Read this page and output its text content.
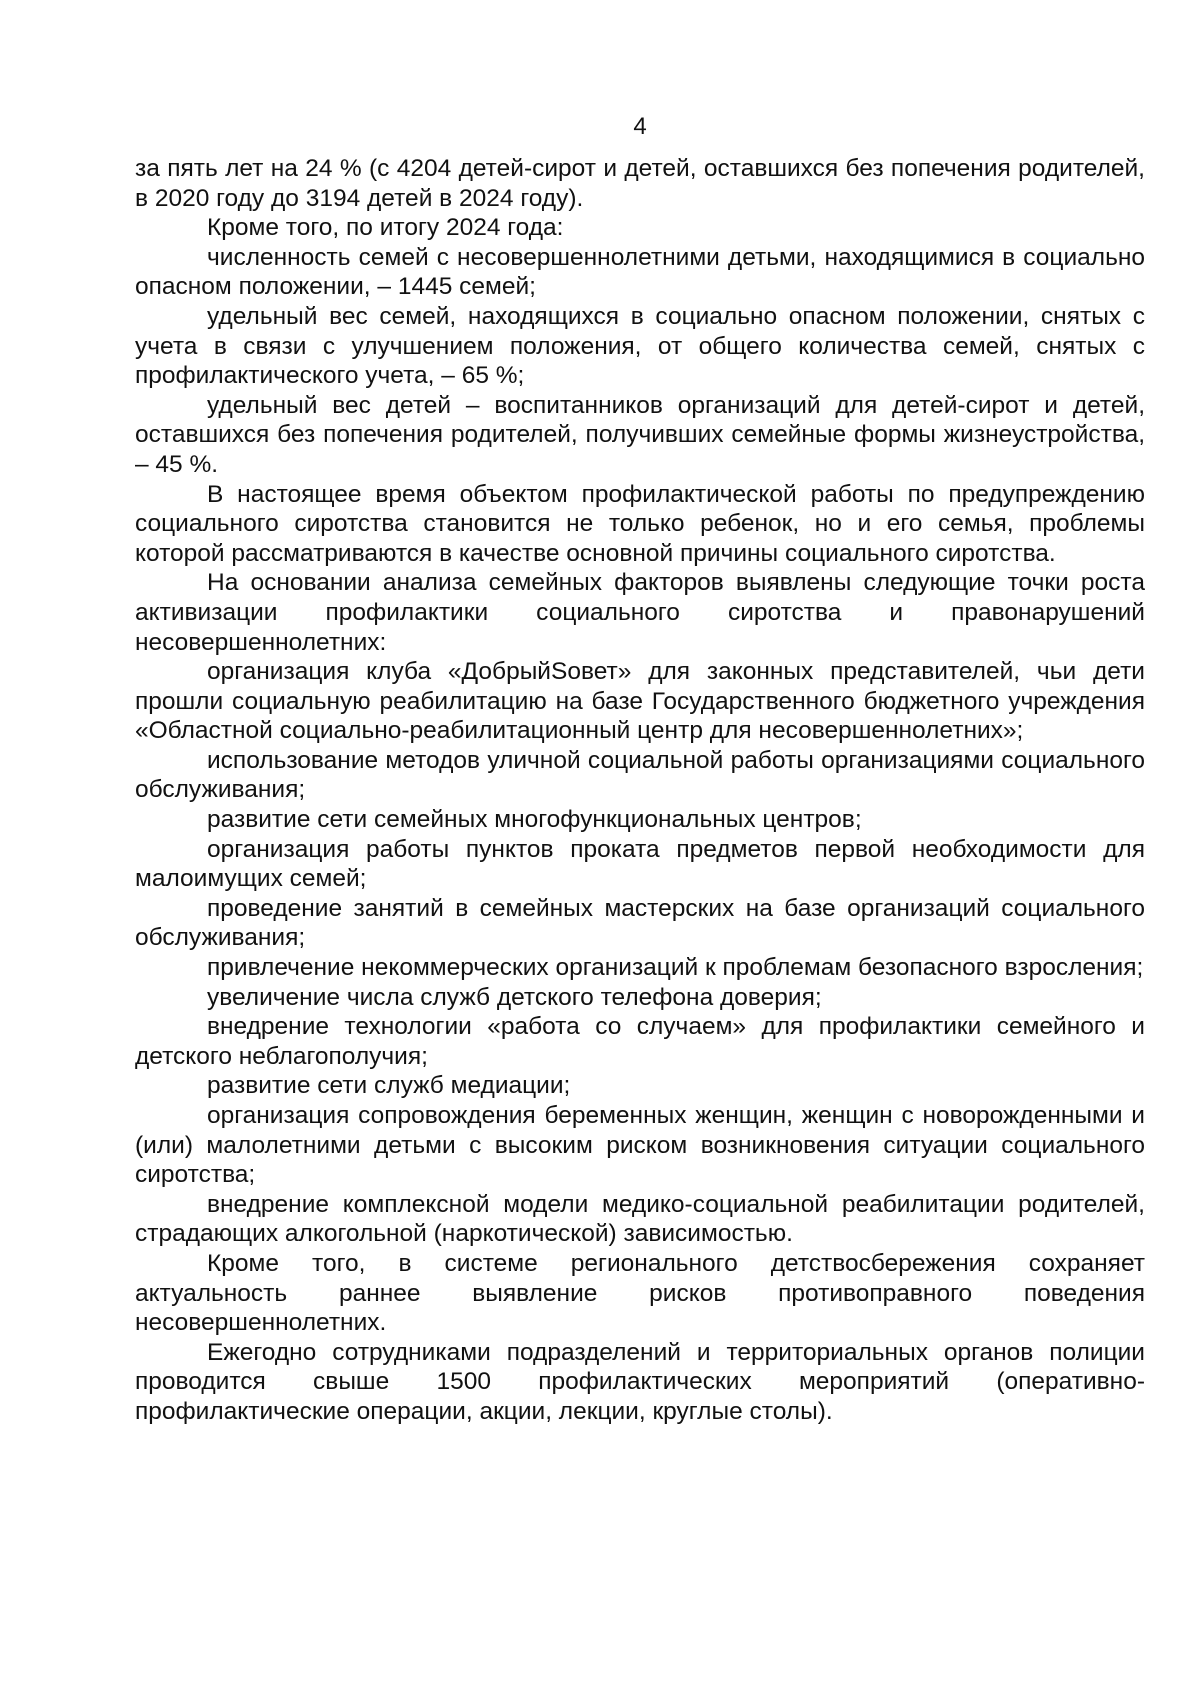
4

за пять лет на 24 % (с 4204 детей-сирот и детей, оставшихся без попечения родителей, в 2020 году до 3194 детей в 2024 году).

Кроме того, по итогу 2024 года:

численность семей с несовершеннолетними детьми, находящимися в социально опасном положении, – 1445 семей;

удельный вес семей, находящихся в социально опасном положении, снятых с учета в связи с улучшением положения, от общего количества семей, снятых с профилактического учета, – 65 %;

удельный вес детей – воспитанников организаций для детей-сирот и детей, оставшихся без попечения родителей, получивших семейные формы жизнеустройства, – 45 %.

В настоящее время объектом профилактической работы по предупреждению социального сиротства становится не только ребенок, но и его семья, проблемы которой рассматриваются в качестве основной причины социального сиротства.

На основании анализа семейных факторов выявлены следующие точки роста активизации профилактики социального сиротства и правонарушений несовершеннолетних:

организация клуба «ДобрыйSовет» для законных представителей, чьи дети прошли социальную реабилитацию на базе Государственного бюджетного учреждения «Областной социально-реабилитационный центр для несовершеннолетних»;

использование методов уличной социальной работы организациями социального обслуживания;

развитие сети семейных многофункциональных центров;

организация работы пунктов проката предметов первой необходимости для малоимущих семей;

проведение занятий в семейных мастерских на базе организаций социального обслуживания;

привлечение некоммерческих организаций к проблемам безопасного взросления;

увеличение числа служб детского телефона доверия;

внедрение технологии «работа со случаем» для профилактики семейного и детского неблагополучия;

развитие сети служб медиации;

организация сопровождения беременных женщин, женщин с новорожденными и (или) малолетними детьми с высоким риском возникновения ситуации социального сиротства;

внедрение комплексной модели медико-социальной реабилитации родителей, страдающих алкогольной (наркотической) зависимостью.

Кроме того, в системе регионального детствосбережения сохраняет актуальность раннее выявление рисков противоправного поведения несовершеннолетних.

Ежегодно сотрудниками подразделений и территориальных органов полиции проводится свыше 1500 профилактических мероприятий (оперативно-профилактические операции, акции, лекции, круглые столы).
